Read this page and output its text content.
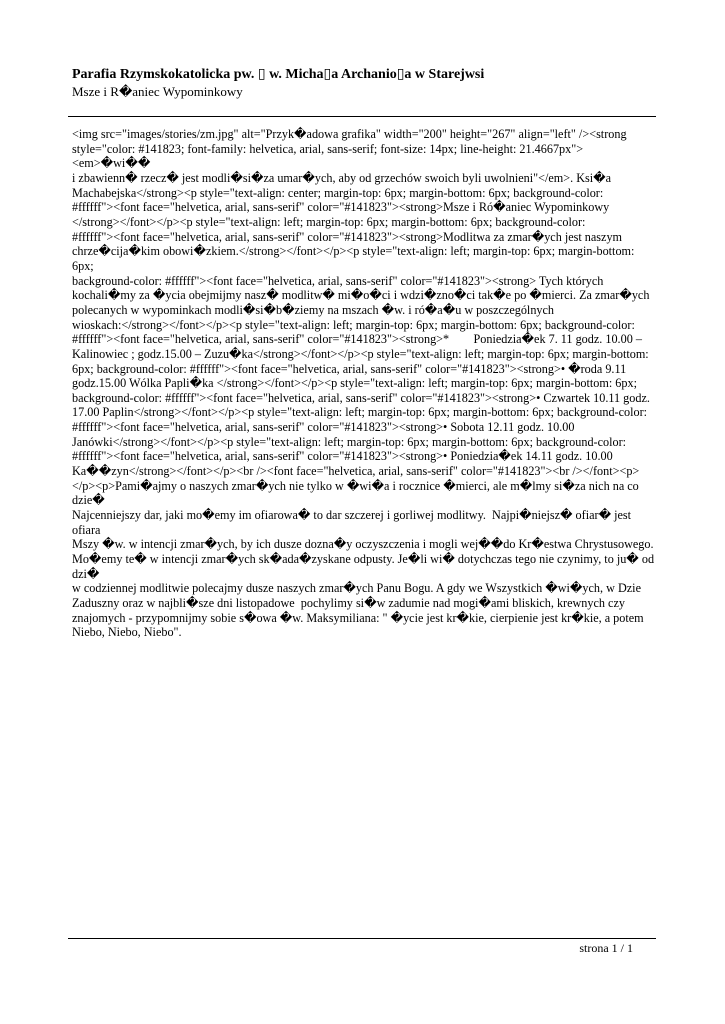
Parafia Rzymskokatolicka pw. ▯ w. Micha▯a Archanio▯a w Starejwsi

Msze i R�aniec Wypominkowy

<img src="images/stories/zm.jpg" alt="Przyk�adowa grafika" width="200" height="267" align="left" /><strong
style="color: #141823; font-family: helvetica, arial, sans-serif; font-size: 14px; line-height: 21.4667px"><em>�wi��
i zbawienn� rzecz� jest modli�si�za umar�ych, aby od grzechów swoich byli uwolnieni"</em>. Ksi�a
Machabejska</strong><p style="text-align: center; margin-top: 6px; margin-bottom: 6px; background-color:
#ffffff"><font face="helvetica, arial, sans-serif" color="#141823"><strong>Msze i Ró�aniec Wypominkowy
</strong></font></p><p style="text-align: left; margin-top: 6px; margin-bottom: 6px; background-color:
#ffffff"><font face="helvetica, arial, sans-serif" color="#141823"><strong>Modlitwa za zmar�ych jest naszym
chrze�cija�kim obowi�zkiem.</strong></font></p><p style="text-align: left; margin-top: 6px; margin-bottom: 6px;
background-color: #ffffff"><font face="helvetica, arial, sans-serif" color="#141823"><strong> Tych których
kochali�my za �ycia obejmijmy nasz� modlitw� mi�o�ci i wdzi�zno�ci tak�e po �mierci. Za zmar�ych
polecanych w wypominkach modli�si�b�ziemy na mszach �w. i ró�a�u w poszczególnych
wioskach:</strong></font></p><p style="text-align: left; margin-top: 6px; margin-bottom: 6px; background-color:
#ffffff"><font face="helvetica, arial, sans-serif" color="#141823"><strong>*        Poniedzia�ek 7. 11 godz. 10.00 –
Kalinowiec ; godz.15.00 – Zuzu�ka</strong></font></p><p style="text-align: left; margin-top: 6px; margin-bottom:
6px; background-color: #ffffff"><font face="helvetica, arial, sans-serif" color="#141823"><strong>• �roda 9.11
godz.15.00 Wólka Papli�ka </strong></font></p><p style="text-align: left; margin-top: 6px; margin-bottom: 6px;
background-color: #ffffff"><font face="helvetica, arial, sans-serif" color="#141823"><strong>• Czwartek 10.11 godz.
17.00 Paplin</strong></font></p><p style="text-align: left; margin-top: 6px; margin-bottom: 6px; background-color:
#ffffff"><font face="helvetica, arial, sans-serif" color="#141823"><strong>• Sobota 12.11 godz. 10.00
Janówki</strong></font></p><p style="text-align: left; margin-top: 6px; margin-bottom: 6px; background-color:
#ffffff"><font face="helvetica, arial, sans-serif" color="#141823"><strong>• Poniedzia�ek 14.11 godz. 10.00
Ka��zyn</strong></font></p><br /><font face="helvetica, arial, sans-serif" color="#141823"><br /></font><p>
</p><p>Pami�ajmy o naszych zmar�ych nie tylko w �wi�a i rocznice �mierci, ale m�lmy si�za nich na co dzie�
Najcenniejszy dar, jaki mo�emy im ofiarowa� to dar szczerej i gorliwej modlitwy.  Najpi�niejsz� ofiar� jest ofiara
Mszy �w. w intencji zmar�ych, by ich dusze dozna�y oczyszczenia i mogli wej��do Kr�estwa Chrystusowego.
Mo�emy te� w intencji zmar�ych sk�ada�zyskane odpusty. Je�li wi� dotychczas tego nie czynimy, to ju� od dzi�
w codziennej modlitwie polecajmy dusze naszych zmar�ych Panu Bogu. A gdy we Wszystkich �wi�ych, w Dzie
Zaduszny oraz w najbli�sze dni listopadowe  pochylimy si�w zadumie nad mogi�ami bliskich, krewnych czy
znajomych - przypomnijmy sobie s�owa �w. Maksymiliana: " �ycie jest kr�kie, cierpienie jest kr�kie, a potem
Niebo, Niebo, Niebo".
strona 1 / 1
